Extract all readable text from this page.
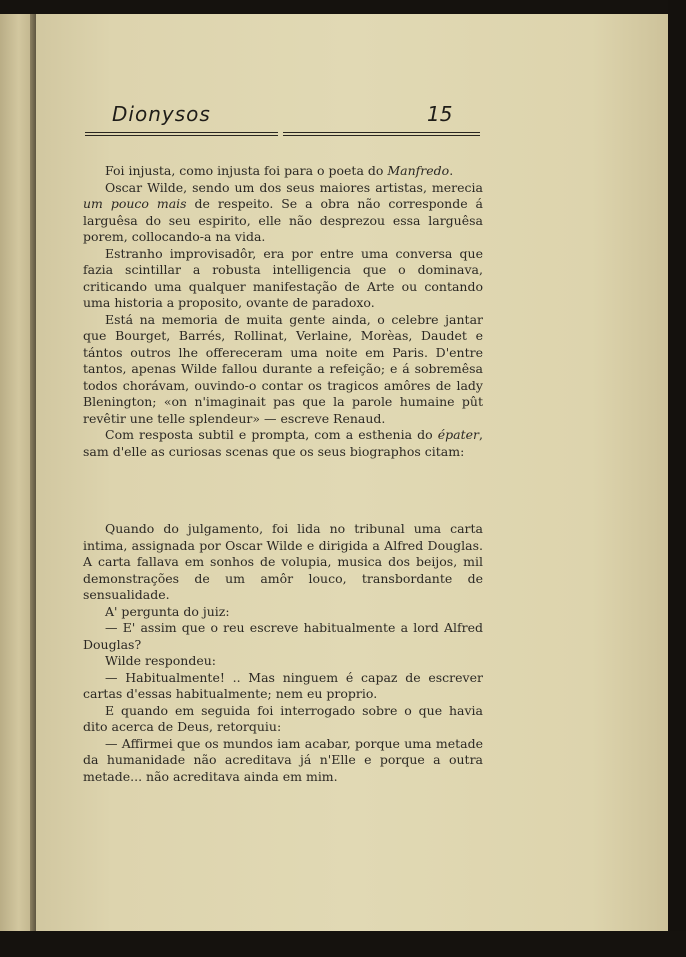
Dionysos	15

Foi injusta, como injusta foi para o poeta do Manfredo.

Oscar Wilde, sendo um dos seus maiores artistas, merecia um pouco mais de respeito. Se a obra não corresponde á larguêsa do seu espirito, elle não desprezou essa larguêsa porem, collocando-a na vida.

Estranho improvisadôr, era por entre uma conversa que fazia scintillar a robusta intelligencia que o dominava, criticando uma qualquer manifestação de Arte ou contando uma historia a proposito, ovante de paradoxo.

Está na memoria de muita gente ainda, o celebre jantar que Bourget, Barrés, Rollinat, Verlaine, Morèas, Daudet e tántos outros lhe offereceram uma noite em Paris. D'entre tantos, apenas Wilde fallou durante a refeição; e á sobremêsa todos chorávam, ouvindo-o contar os tragicos amôres de lady Blenington; «on n'imaginait pas que la parole humaine pût revêtir une telle splendeur» — escreve Renaud.

Com resposta subtil e prompta, com a esthenia do épater, sam d'elle as curiosas scenas que os seus biographos citam:

Quando do julgamento, foi lida no tribunal uma carta intima, assignada por Oscar Wilde e dirigida a Alfred Douglas. A carta fallava em sonhos de volupia, musica dos beijos, mil demonstrações de um amôr louco, transbordante de sensualidade.

A' pergunta do juiz:

— E' assim que o reu escreve habitualmente a lord Alfred Douglas?

Wilde respondeu:

— Habitualmente! .. Mas ninguem é capaz de escrever cartas d'essas habitualmente; nem eu proprio.

E quando em seguida foi interrogado sobre o que havia dito acerca de Deus, retorquiu:

— Affirmei que os mundos iam acabar, porque uma metade da humanidade não acreditava já n'Elle e porque a outra metade... não acreditava ainda em mim.
